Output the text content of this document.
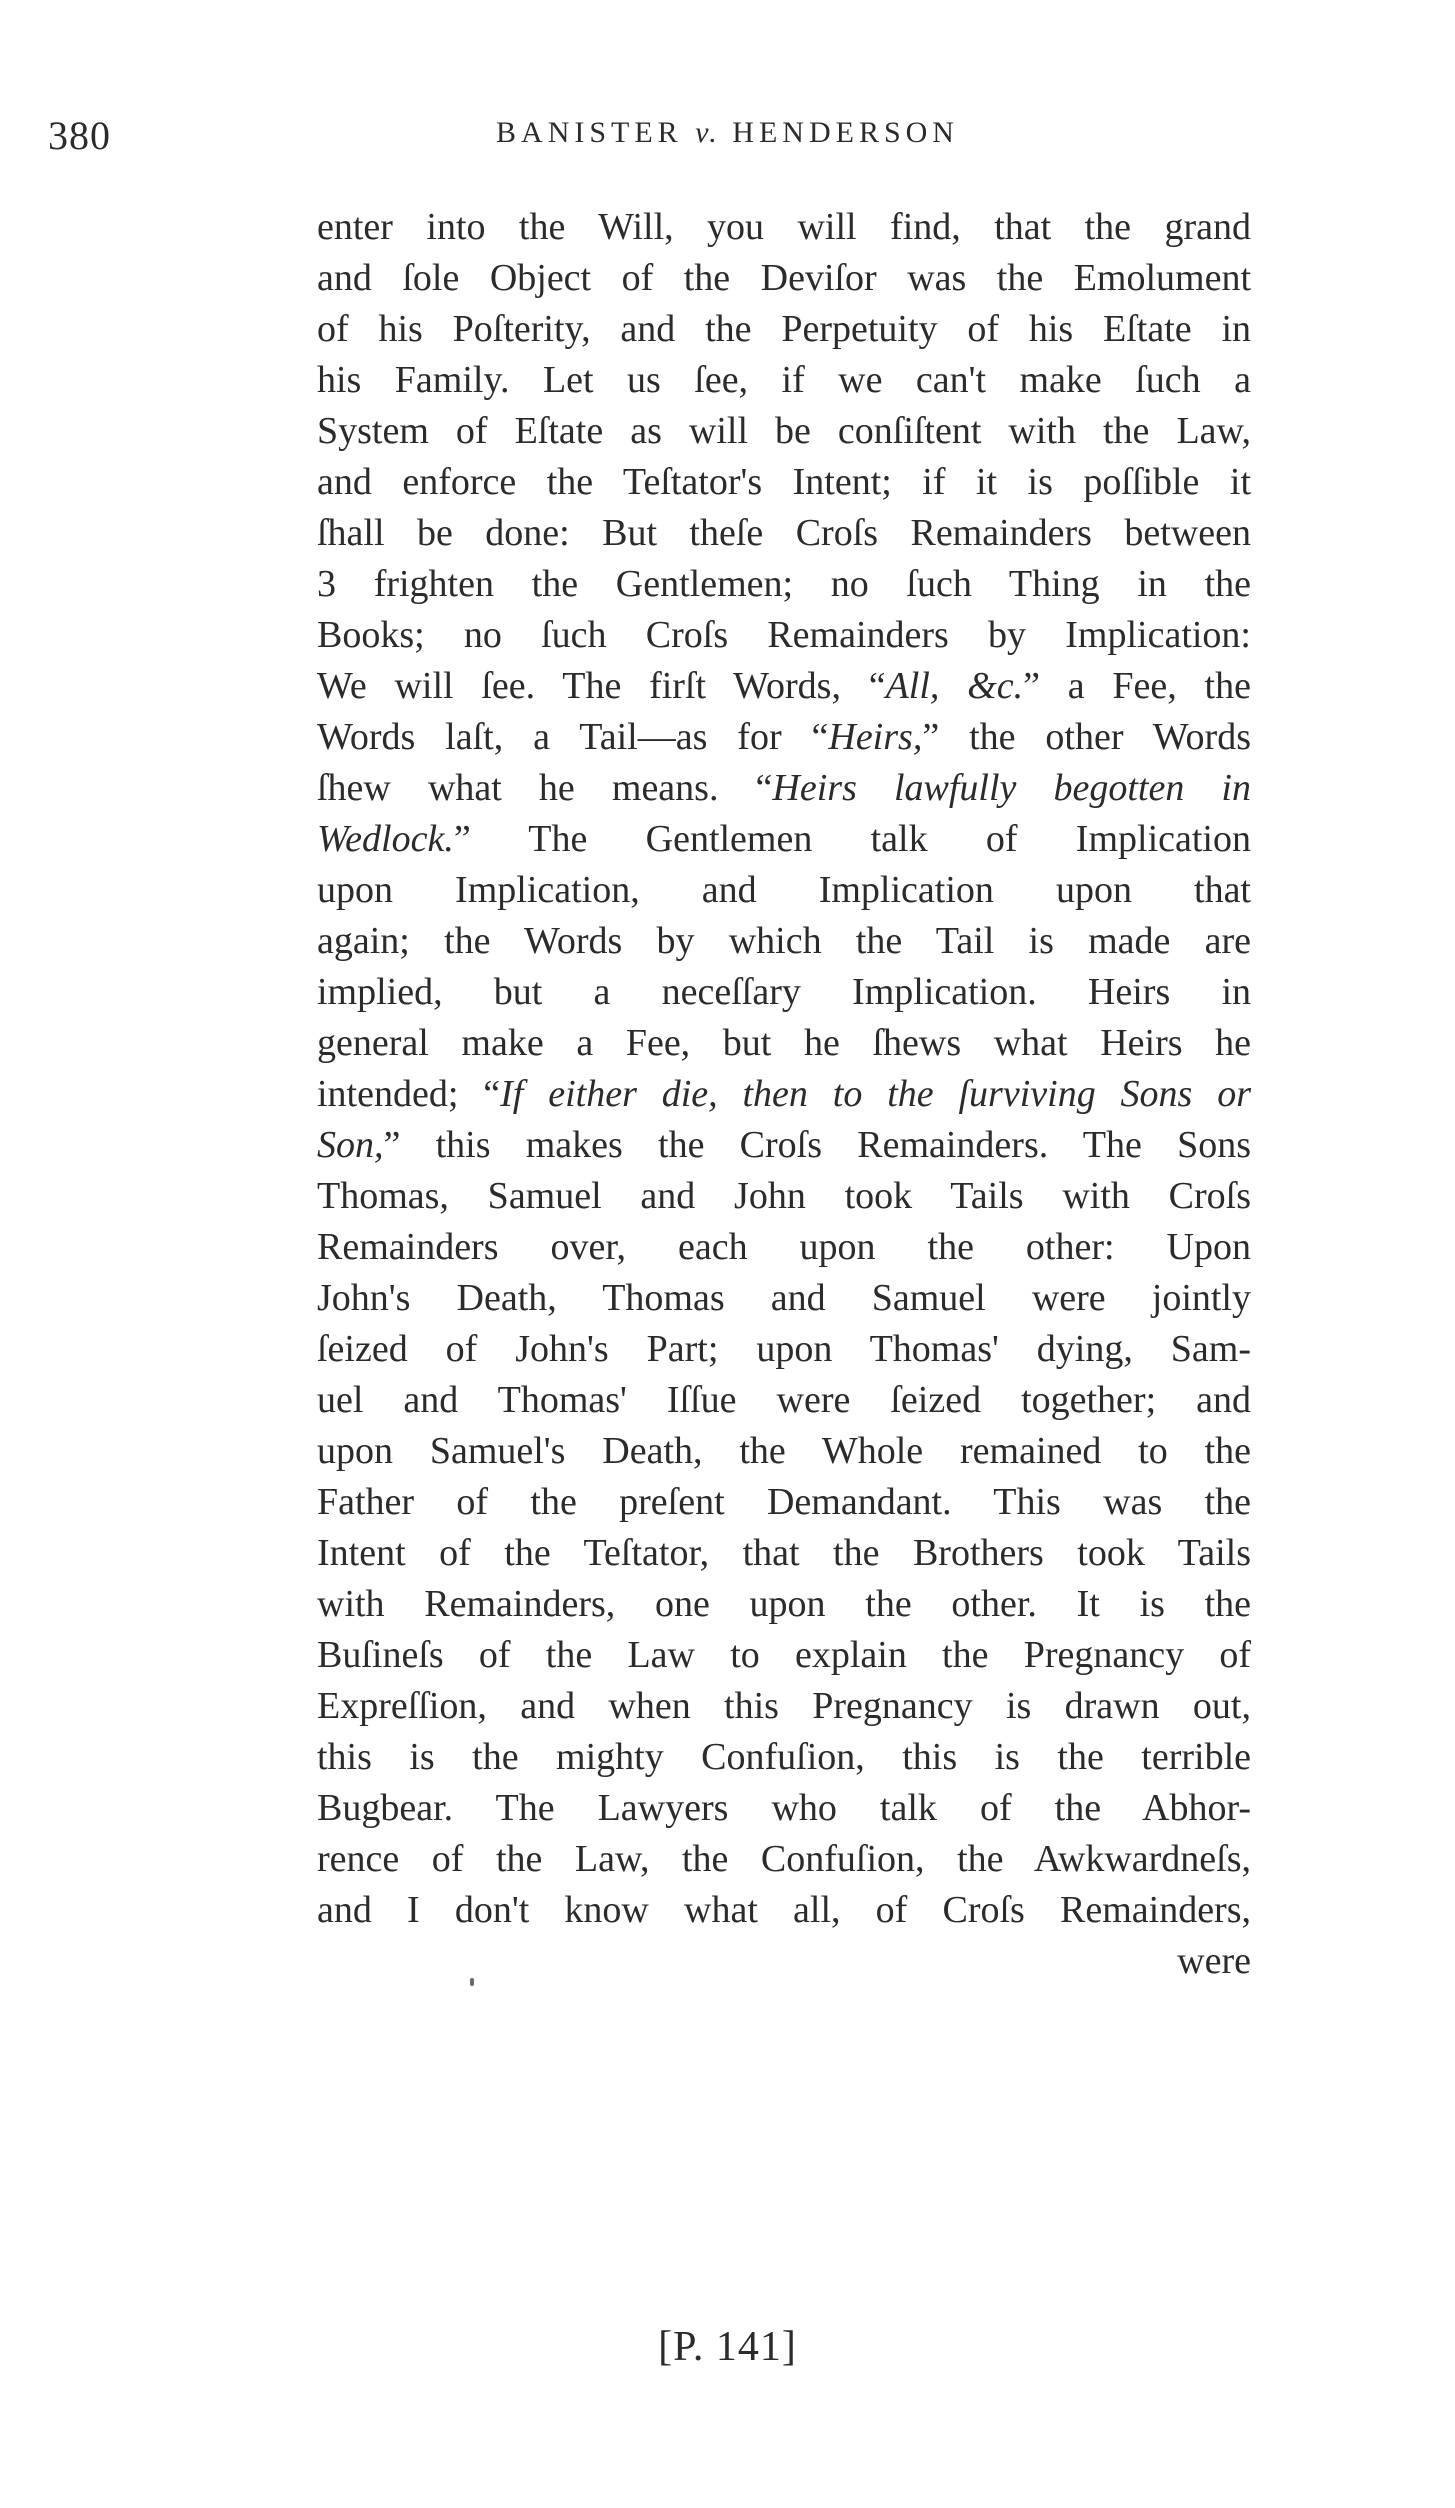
380	BANISTER v. HENDERSON
enter into the Will, you will find, that the grand
and ſole Object of the Deviſor was the Emolument
of his Poſterity, and the Perpetuity of his Eſtate in
his Family. Let us ſee, if we can't make ſuch a
System of Eſtate as will be conſiſtent with the Law,
and enforce the Teſtator's Intent; if it is poſſible it
ſhall be done: But theſe Croſs Remainders between
3 frighten the Gentlemen; no ſuch Thing in the
Books; no ſuch Croſs Remainders by Implication:
We will ſee. The firſt Words, “All, &c.” a Fee, the
Words laſt, a Tail—as for “Heirs,” the other Words
ſhew what he means. “Heirs lawfully begotten in
Wedlock.” The Gentlemen talk of Implication
upon Implication, and Implication upon that
again; the Words by which the Tail is made are
implied, but a neceſſary Implication. Heirs in
general make a Fee, but he ſhews what Heirs he
intended; “If either die, then to the ſurviving Sons or
Son,” this makes the Croſs Remainders. The Sons
Thomas, Samuel and John took Tails with Croſs
Remainders over, each upon the other: Upon
John's Death, Thomas and Samuel were jointly
ſeized of John's Part; upon Thomas' dying, Sam-
uel and Thomas' Iſſue were ſeized together; and
upon Samuel's Death, the Whole remained to the
Father of the preſent Demandant. This was the
Intent of the Teſtator, that the Brothers took Tails
with Remainders, one upon the other. It is the
Buſineſs of the Law to explain the Pregnancy of
Expreſſion, and when this Pregnancy is drawn out,
this is the mighty Confuſion, this is the terrible
Bugbear. The Lawyers who talk of the Abhor-
rence of the Law, the Confuſion, the Awkwardneſs,
and I don't know what all, of Croſs Remainders,
were
[P. 141]
